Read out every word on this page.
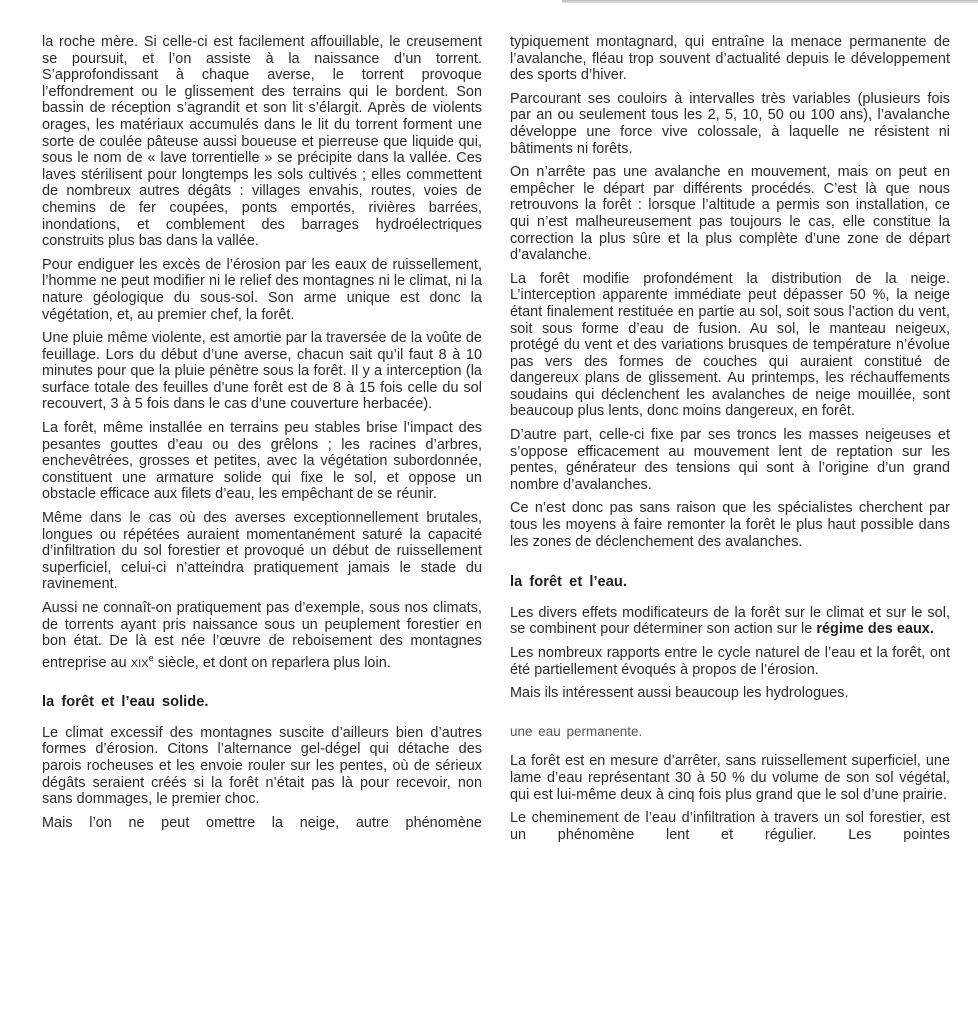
la roche mère. Si celle-ci est facilement affouillable, le creusement se poursuit, et l’on assiste à la naissance d’un torrent. S’approfondissant à chaque averse, le torrent provoque l’effondrement ou le glissement des terrains qui le bordent. Son bassin de réception s’agrandit et son lit s’élargit. Après de violents orages, les matériaux accumulés dans le lit du torrent forment une sorte de coulée pâteuse aussi boueuse et pierreuse que liquide qui, sous le nom de « lave torrentielle » se précipite dans la vallée. Ces laves stérilisent pour longtemps les sols cultivés ; elles commettent de nombreux autres dégâts : villages envahis, routes, voies de chemins de fer coupées, ponts emportés, rivières barrées, inondations, et comblement des barrages hydroélectriques construits plus bas dans la vallée.

Pour endiguer les excès de l’érosion par les eaux de ruissellement, l’homme ne peut modifier ni le relief des montagnes ni le climat, ni la nature géologique du sous-sol. Son arme unique est donc la végétation, et, au premier chef, la forêt.

Une pluie même violente, est amortie par la traversée de la voûte de feuillage. Lors du début d’une averse, chacun sait qu’il faut 8 à 10 minutes pour que la pluie pénètre sous la forêt. Il y a interception (la surface totale des feuilles d’une forêt est de 8 à 15 fois celle du sol recouvert, 3 à 5 fois dans le cas d’une couverture herbacée).

La forêt, même installée en terrains peu stables brise l’impact des pesantes gouttes d’eau ou des grêlons ; les racines d’arbres, enchevêtrées, grosses et petites, avec la végétation subordonnée, constituent une armature solide qui fixe le sol, et oppose un obstacle efficace aux filets d’eau, les empêchant de se réunir.

Même dans le cas où des averses exceptionnellement brutales, longues ou répétées auraient momentanément saturé la capacité d’infiltration du sol forestier et provoqué un début de ruissellement superficiel, celui-ci n’atteindra pratiquement jamais le stade du ravinement.

Aussi ne connaît-on pratiquement pas d’exemple, sous nos climats, de torrents ayant pris naissance sous un peuplement forestier en bon état. De là est née l’œuvre de reboisement des montagnes entreprise au XIXe siècle, et dont on reparlera plus loin.

la forêt et l’eau solide.

Le climat excessif des montagnes suscite d’ailleurs bien d’autres formes d’érosion. Citons l’alternance gel-dégel qui détache des parois rocheuses et les envoie rouler sur les pentes, où de sérieux dégâts seraient créés si la forêt n’était pas là pour recevoir, non sans dommages, le premier choc.

Mais l’on ne peut omettre la neige, autre phénomène

typiquement montagnard, qui entraîne la menace permanente de l’avalanche, fléau trop souvent d’actualité depuis le développement des sports d’hiver.

Parcourant ses couloirs à intervalles très variables (plusieurs fois par an ou seulement tous les 2, 5, 10, 50 ou 100 ans), l’avalanche développe une force vive colossale, à laquelle ne résistent ni bâtiments ni forêts.

On n’arrête pas une avalanche en mouvement, mais on peut en empêcher le départ par différents procédés. C’est là que nous retrouvons la forêt : lorsque l’altitude a permis son installation, ce qui n’est malheureusement pas toujours le cas, elle constitue la correction la plus sûre et la plus complète d’une zone de départ d’avalanche.

La forêt modifie profondément la distribution de la neige. L’interception apparente immédiate peut dépasser 50 %, la neige étant finalement restituée en partie au sol, soit sous l’action du vent, soit sous forme d’eau de fusion. Au sol, le manteau neigeux, protégé du vent et des variations brusques de température n’évolue pas vers des formes de couches qui auraient constitué de dangereux plans de glissement. Au printemps, les réchauffements soudains qui déclenchent les avalanches de neige mouillée, sont beaucoup plus lents, donc moins dangereux, en forêt.

D’autre part, celle-ci fixe par ses troncs les masses neigeuses et s’oppose efficacement au mouvement lent de reptation sur les pentes, générateur des tensions qui sont à l’origine d’un grand nombre d’avalanches.

Ce n’est donc pas sans raison que les spécialistes cherchent par tous les moyens à faire remonter la forêt le plus haut possible dans les zones de déclenchement des avalanches.

la forêt et l’eau.

Les divers effets modificateurs de la forêt sur le climat et sur le sol, se combinent pour déterminer son action sur le régime des eaux.

Les nombreux rapports entre le cycle naturel de l’eau et la forêt, ont été partiellement évoqués à propos de l’érosion.

Mais ils intéressent aussi beaucoup les hydrologues.

une eau permanente.

La forêt est en mesure d’arrêter, sans ruissellement superficiel, une lame d’eau représentant 30 à 50 % du volume de son sol végétal, qui est lui-même deux à cinq fois plus grand que le sol d’une prairie.

Le cheminement de l’eau d’infiltration à travers un sol forestier, est un phénomène lent et régulier. Les pointes
